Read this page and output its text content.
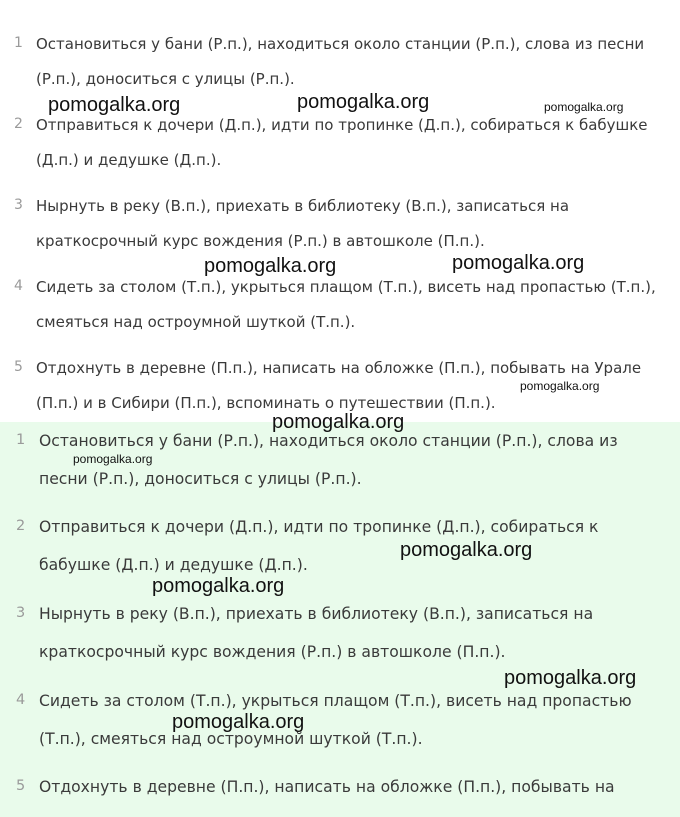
1 Остановиться у бани (Р.п.), находиться около станции (Р.п.), слова из песни
(Р.п.), доноситься с улицы (Р.п.).
2 Отправиться к дочери (Д.п.), идти по тропинке (Д.п.), собираться к бабушке
(Д.п.) и дедушке (Д.п.).
3 Нырнуть в реку (В.п.), приехать в библиотеку (В.п.), записаться на
краткосрочный курс вождения (Р.п.) в автошколе (П.п.).
4 Сидеть за столом (Т.п.), укрыться плащом (Т.п.), висеть над пропастью (Т.п.),
смеяться над остроумной шуткой (Т.п.).
5 Отдохнуть в деревне (П.п.), написать на обложке (П.п.), побывать на Урале
(П.п.) и в Сибири (П.п.), вспоминать о путешествии (П.п.).
1 Остановиться у бани (Р.п.), находиться около станции (Р.п.), слова из
песни (Р.п.), доноситься с улицы (Р.п.).
2 Отправиться к дочери (Д.п.), идти по тропинке (Д.п.), собираться к
бабушке (Д.п.) и дедушке (Д.п.).
3 Нырнуть в реку (В.п.), приехать в библиотеку (В.п.), записаться на
краткосрочный курс вождения (Р.п.) в автошколе (П.п.).
4 Сидеть за столом (Т.п.), укрыться плащом (Т.п.), висеть над пропастью
(Т.п.), смеяться над остроумной шуткой (Т.п.).
5 Отдохнуть в деревне (П.п.), написать на обложке (П.п.), побывать на
pomogalka.org	pomogalka.org	pomogalka.org
pomogalka.org	pomogalka.org
pomogalka.org
pomogalka.org
pomogalka.org
pomogalka.org
pomogalka.org
pomogalka.org
pomogalka.org
